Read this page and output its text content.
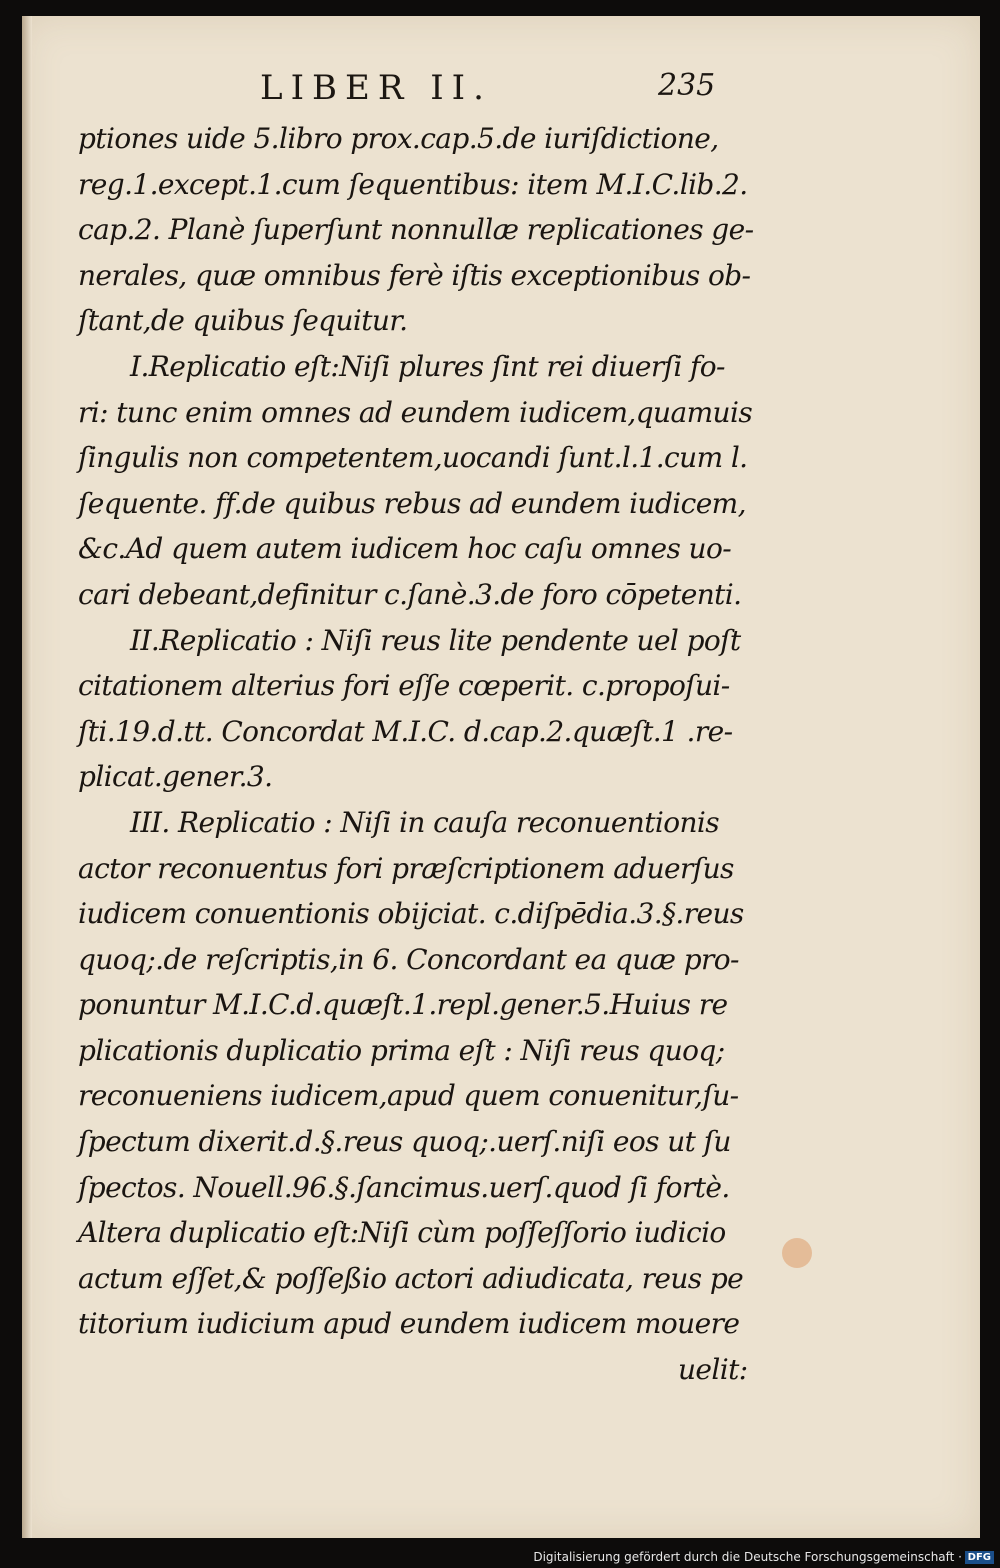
LIBER II.	235
ptiones uide 5.libro prox.cap.5.de iuriſdictione,
reg.1.except.1.cum ſequentibus: item M.I.C.lib.2.
cap.2. Planè ſuperſunt nonnullæ replicationes ge-
nerales, quæ omnibus ferè iſtis exceptionibus ob-
ſtant,de quibus ſequitur.
I.Replicatio eſt:Niſi plures ſint rei diuerſi fo-
ri: tunc enim omnes ad eundem iudicem,quamuis
ſingulis non competentem,uocandi ſunt.l.1.cum l.
ſequente. ff.de quibus rebus ad eundem iudicem,
&c.Ad quem autem iudicem hoc caſu omnes uo-
cari debeant,definitur c.ſanè.3.de foro cōpetenti.
II.Replicatio : Niſi reus lite pendente uel poſt
citationem alterius fori eſſe cœperit. c.propoſui-
ſti.19.d.tt. Concordat M.I.C. d.cap.2.quæſt.1 .re-
plicat.gener.3.
III. Replicatio : Niſi in cauſa reconuentionis
actor reconuentus fori præſcriptionem aduerſus
iudicem conuentionis obijciat. c.diſpēdia.3.§.reus
quoq;.de reſcriptis,in 6. Concordant ea quæ pro-
ponuntur M.I.C.d.quæſt.1.repl.gener.5.Huius re
plicationis duplicatio prima eſt : Niſi reus quoq;
reconueniens iudicem,apud quem conuenitur,ſu-
ſpectum dixerit.d.§.reus quoq;.uerſ.niſi eos ut ſu
ſpectos. Nouell.96.§.ſancimus.uerſ.quod ſi fortè.
Altera duplicatio eſt:Niſi cùm poſſeſſorio iudicio
actum eſſet,& poſſeßio actori adiudicata, reus pe
titorium iudicium apud eundem iudicem mouere
uelit:
Digitalisierung gefördert durch die Deutsche Forschungsgemeinschaft · DFG
